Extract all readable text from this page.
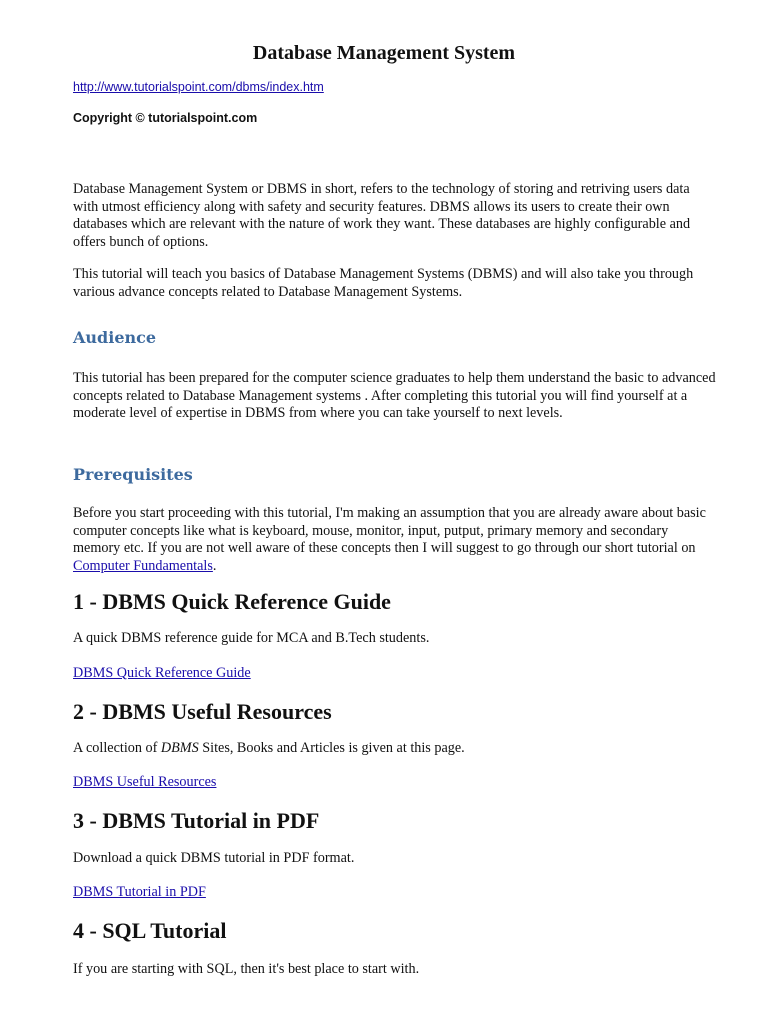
Database Management System
http://www.tutorialspoint.com/dbms/index.htm
Copyright © tutorialspoint.com

Database Management System or DBMS in short, refers to the technology of storing and retriving users data with utmost efficiency along with safety and security features. DBMS allows its users to create their own databases which are relevant with the nature of work they want. These databases are highly configurable and offers bunch of options.

This tutorial will teach you basics of Database Management Systems (DBMS) and will also take you through various advance concepts related to Database Management Systems.

Audience

This tutorial has been prepared for the computer science graduates to help them understand the basic to advanced concepts related to Database Management systems . After completing this tutorial you will find yourself at a moderate level of expertise in DBMS from where you can take yourself to next levels.

Prerequisites

Before you start proceeding with this tutorial, I'm making an assumption that you are already aware about basic computer concepts like what is keyboard, mouse, monitor, input, putput, primary memory and secondary memory etc. If you are not well aware of these concepts then I will suggest to go through our short tutorial on Computer Fundamentals.

1 - DBMS Quick Reference Guide

A quick DBMS reference guide for MCA and B.Tech students.

DBMS Quick Reference Guide

2 - DBMS Useful Resources

A collection of DBMS Sites, Books and Articles is given at this page.

DBMS Useful Resources

3 - DBMS Tutorial in PDF

Download a quick DBMS tutorial in PDF format.

DBMS Tutorial in PDF

4 - SQL Tutorial

If you are starting with SQL, then it's best place to start with.
